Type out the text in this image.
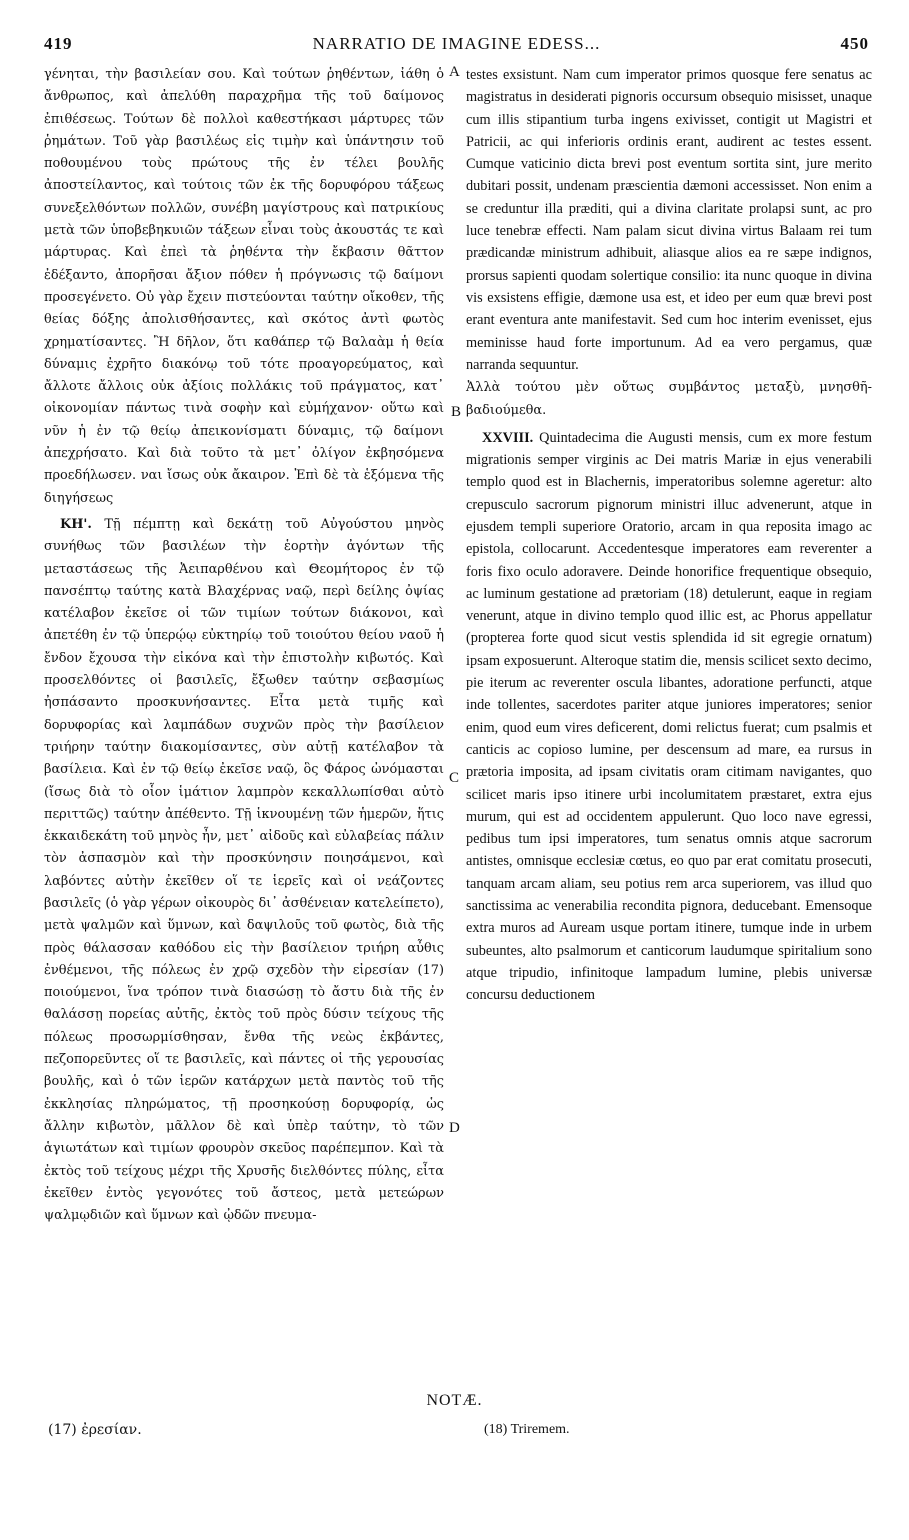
419	NARRATIO DE IMAGINE EDESS...	450

γένηται, τὴν βασιλείαν σου. Καὶ τούτων ῥηθέντων, ἰάθη ὁ ἄνθρωπος, καὶ ἀπελύθη παραχρῆμα τῆς τοῦ δαίμονος ἐπιθέσεως. Τούτων δὲ πολλοὶ καθεστήκασι μάρτυρες τῶν ῥημάτων. Τοῦ γὰρ βασιλέως εἰς τιμὴν καὶ ὑπάντησιν τοῦ ποθουμένου τοὺς πρώτους τῆς ἐν τέλει βουλῆς ἀποστείλαντος, καὶ τούτοις τῶν ἐκ τῆς δορυφόρου τάξεως συνεξελθόντων πολλῶν, συνέβη μαγίστρους καὶ πατρικίους μετὰ τῶν ὑποβεβηκυιῶν τάξεων εἶναι τοὺς ἀκουστάς τε καὶ μάρτυρας. Καὶ ἐπεὶ τὰ ῥηθέντα τὴν ἔκβασιν θᾶττον ἐδέξαντο, ἀπορῆσαι ἄξιον πόθεν ἡ πρόγνωσις τῷ δαίμονι προσεγένετο. Οὐ γὰρ ἔχειν πιστεύονται ταύτην οἴκοθεν, τῆς θείας δόξης ἀπολισθήσαντες, καὶ σκότος ἀντὶ φωτὸς χρηματίσαντες. Ἢ δῆλον, ὅτι καθάπερ τῷ Βαλαὰμ ἡ θεία δύναμις ἐχρῆτο διακόνῳ τοῦ τότε προαγορεύματος, καὶ ἄλλοτε ἄλλοις οὐκ ἀξίοις πολλάκις τοῦ πράγματος, κατ᾽ οἰκονομίαν πάντως τινὰ σοφὴν καὶ εὐμήχανον· οὕτω καὶ νῦν ἡ ἐν τῷ θείῳ ἀπεικονίσματι δύναμις, τῷ δαίμονι ἀπεχρήσατο. Καὶ διὰ τοῦτο τὰ μετ᾽ ὀλίγον ἐκβησόμενα προεδήλωσεν. ναι ἴσως οὐκ ἄκαιρον. Ἐπὶ δὲ τὰ ἑξόμενα τῆς διηγήσεως

ΚΗ'. Τῇ πέμπτῃ καὶ δεκάτῃ τοῦ Αὐγούστου μηνὸς συνήθως τῶν βασιλέων τὴν ἑορτὴν ἀγόντων τῆς μεταστάσεως τῆς Ἀειπαρθένου καὶ Θεομήτορος ἐν τῷ πανσέπτῳ ταύτης κατὰ Βλαχέρνας ναῷ, περὶ δείλης ὀψίας κατέλαβον ἐκεῖσε οἱ τῶν τιμίων τούτων διάκονοι, καὶ ἀπετέθη ἐν τῷ ὑπερῴῳ εὐκτηρίῳ τοῦ τοιούτου θείου ναοῦ ἡ ἔνδον ἔχουσα τὴν εἰκόνα καὶ τὴν ἐπιστολὴν κιβωτός. Καὶ προσελθόντες οἱ βασιλεῖς, ἔξωθεν ταύτην σεβασμίως ἠσπάσαντο προσκυνήσαντες. Εἶτα μετὰ τιμῆς καὶ δορυφορίας καὶ λαμπάδων συχνῶν πρὸς τὴν βασίλειον τριήρην ταύτην διακομίσαντες, σὺν αὐτῇ κατέλαβον τὰ βασίλεια. Καὶ ἐν τῷ θείῳ ἐκεῖσε ναῷ, ὃς Φάρος ὠνόμασται (ἴσως διὰ τὸ οἷον ἱμάτιον λαμπρὸν κεκαλλωπίσθαι αὐτὸ περιττῶς) ταύτην ἀπέθεντο. Τῇ ἱκνουμένῃ τῶν ἡμερῶν, ἥτις ἑκκαιδεκάτη τοῦ μηνὸς ἦν, μετ᾽ αἰδοῦς καὶ εὐλαβείας πάλιν τὸν ἀσπασμὸν καὶ τὴν προσκύνησιν ποιησάμενοι, καὶ λαβόντες αὐτὴν ἐκεῖθεν οἵ τε ἱερεῖς καὶ οἱ νεάζοντες βασιλεῖς (ὁ γὰρ γέρων οἰκουρὸς δι᾽ ἀσθένειαν κατελείπετο), μετὰ ψαλμῶν καὶ ὕμνων, καὶ δαψιλοῦς τοῦ φωτὸς, διὰ τῆς πρὸς θάλασσαν καθόδου εἰς τὴν βασίλειον τριήρη αὖθις ἐνθέμενοι, τῆς πόλεως ἐν χρῷ σχεδὸν τὴν εἰρεσίαν (17) ποιούμενοι, ἵνα τρόπον τινὰ διασώσῃ τὸ ἄστυ διὰ τῆς ἐν θαλάσσῃ πορείας αὐτῆς, ἐκτὸς τοῦ πρὸς δύσιν τείχους τῆς πόλεως προσωρμίσθησαν, ἔνθα τῆς νεὼς ἐκβάντες, πεζοπορεῦντες οἵ τε βασιλεῖς, καὶ πάντες οἱ τῆς γερουσίας βουλῆς, καὶ ὁ τῶν ἱερῶν κατάρχων μετὰ παντὸς τοῦ τῆς ἐκκλησίας πληρώματος, τῇ προσηκούσῃ δορυφορίᾳ, ὡς ἄλλην κιβωτὸν, μᾶλλον δὲ καὶ ὑπὲρ ταύτην, τὸ τῶν ἁγιωτάτων καὶ τιμίων φρουρὸν σκεῦος παρέπεμπον. Καὶ τὰ ἐκτὸς τοῦ τείχους μέχρι τῆς Χρυσῆς διελθόντες πύλης, εἶτα ἐκεῖθεν ἐντὸς γεγονότες τοῦ ἄστεος, μετὰ μετεώρων ψαλμῳδιῶν καὶ ὕμνων καὶ ᾠδῶν πνευμα-

testes exsistunt. Nam cum imperator primos quosque fere senatus ac magistratus in desiderati pignoris occursum obsequio misisset, unaque cum illis stipantium turba ingens exivisset, contigit ut Magistri et Patricii, ac qui inferioris ordinis erant, audirent ac testes essent. Cumque vaticinio dicta brevi post eventum sortita sint, jure merito dubitari possit, undenam præscientia dæmoni accessisset. Non enim a se creduntur illa præditi, qui a divina claritate prolapsi sunt, ac pro luce tenebræ effecti. Nam palam sicut divina virtus Balaam rei tum prædicandæ ministrum adhibuit, aliasque alios ea re sæpe indignos, prorsus sapienti quodam solertique consilio: ita nunc quoque in divina vis exsistens effigie, dæmone usa est, et ideo per eum quæ brevi post erant eventura ante manifestavit. Sed cum hoc interim evenisset, ejus meminisse haud forte importunum. Ad ea vero pergamus, quæ narranda sequuntur.

Ἀλλὰ τούτου μὲν οὕτως συμβάντος μεταξὺ, μνησθῆ- βαδιούμεθα.

XXVIII. Quintadecima die Augusti mensis, cum ex more festum migrationis semper virginis ac Dei matris Mariæ in ejus venerabili templo quod est in Blachernis, imperatoribus solemne ageretur: alto crepusculo sacrorum pignorum ministri illuc advenerunt, atque in ejusdem templi superiore Oratorio, arcam in qua reposita imago ac epistola, collocarunt. Accedentesque imperatores eam reverenter a foris fixo oculo adoravere. Deinde honorifice frequentique obsequio, ac luminum gestatione ad prætoriam (18) detulerunt, eaque in regiam venerunt, atque in divino templo quod illic est, ac Phorus appellatur (propterea forte quod sicut vestis splendida id sit egregie ornatum) ipsam exposuerunt. Alteroque statim die, mensis scilicet sexto decimo, pie iterum ac reverenter oscula libantes, adoratione perfuncti, atque inde tollentes, sacerdotes pariter atque juniores imperatores; senior enim, quod eum vires deficerent, domi relictus fuerat; cum psalmis et canticis ac copioso lumine, per descensum ad mare, ea rursus in prætoria imposita, ad ipsam civitatis oram citimam navigantes, quo scilicet maris ipso itinere urbi incolumitatem præstaret, extra ejus murum, qui est ad occidentem appulerunt. Quo loco nave egressi, pedibus tum ipsi imperatores, tum senatus omnis atque sacrorum antistes, omnisque ecclesiæ cœtus, eo quo par erat comitatu prosecuti, tanquam arcam aliam, seu potius rem arca superiorem, vas illud quo sanctissima ac venerabilia recondita pignora, deducebant. Emensoque extra muros ad Auream usque portam itinere, tumque inde in urbem subeuntes, alto psalmorum et canticorum laudumque spiritalium sono atque tripudio, infinitoque lampadum lumine, plebis universæ concursu deductionem

A
B
C
D
NOTÆ.
(17) ἐρεσίαν.	(18) Triremem.
